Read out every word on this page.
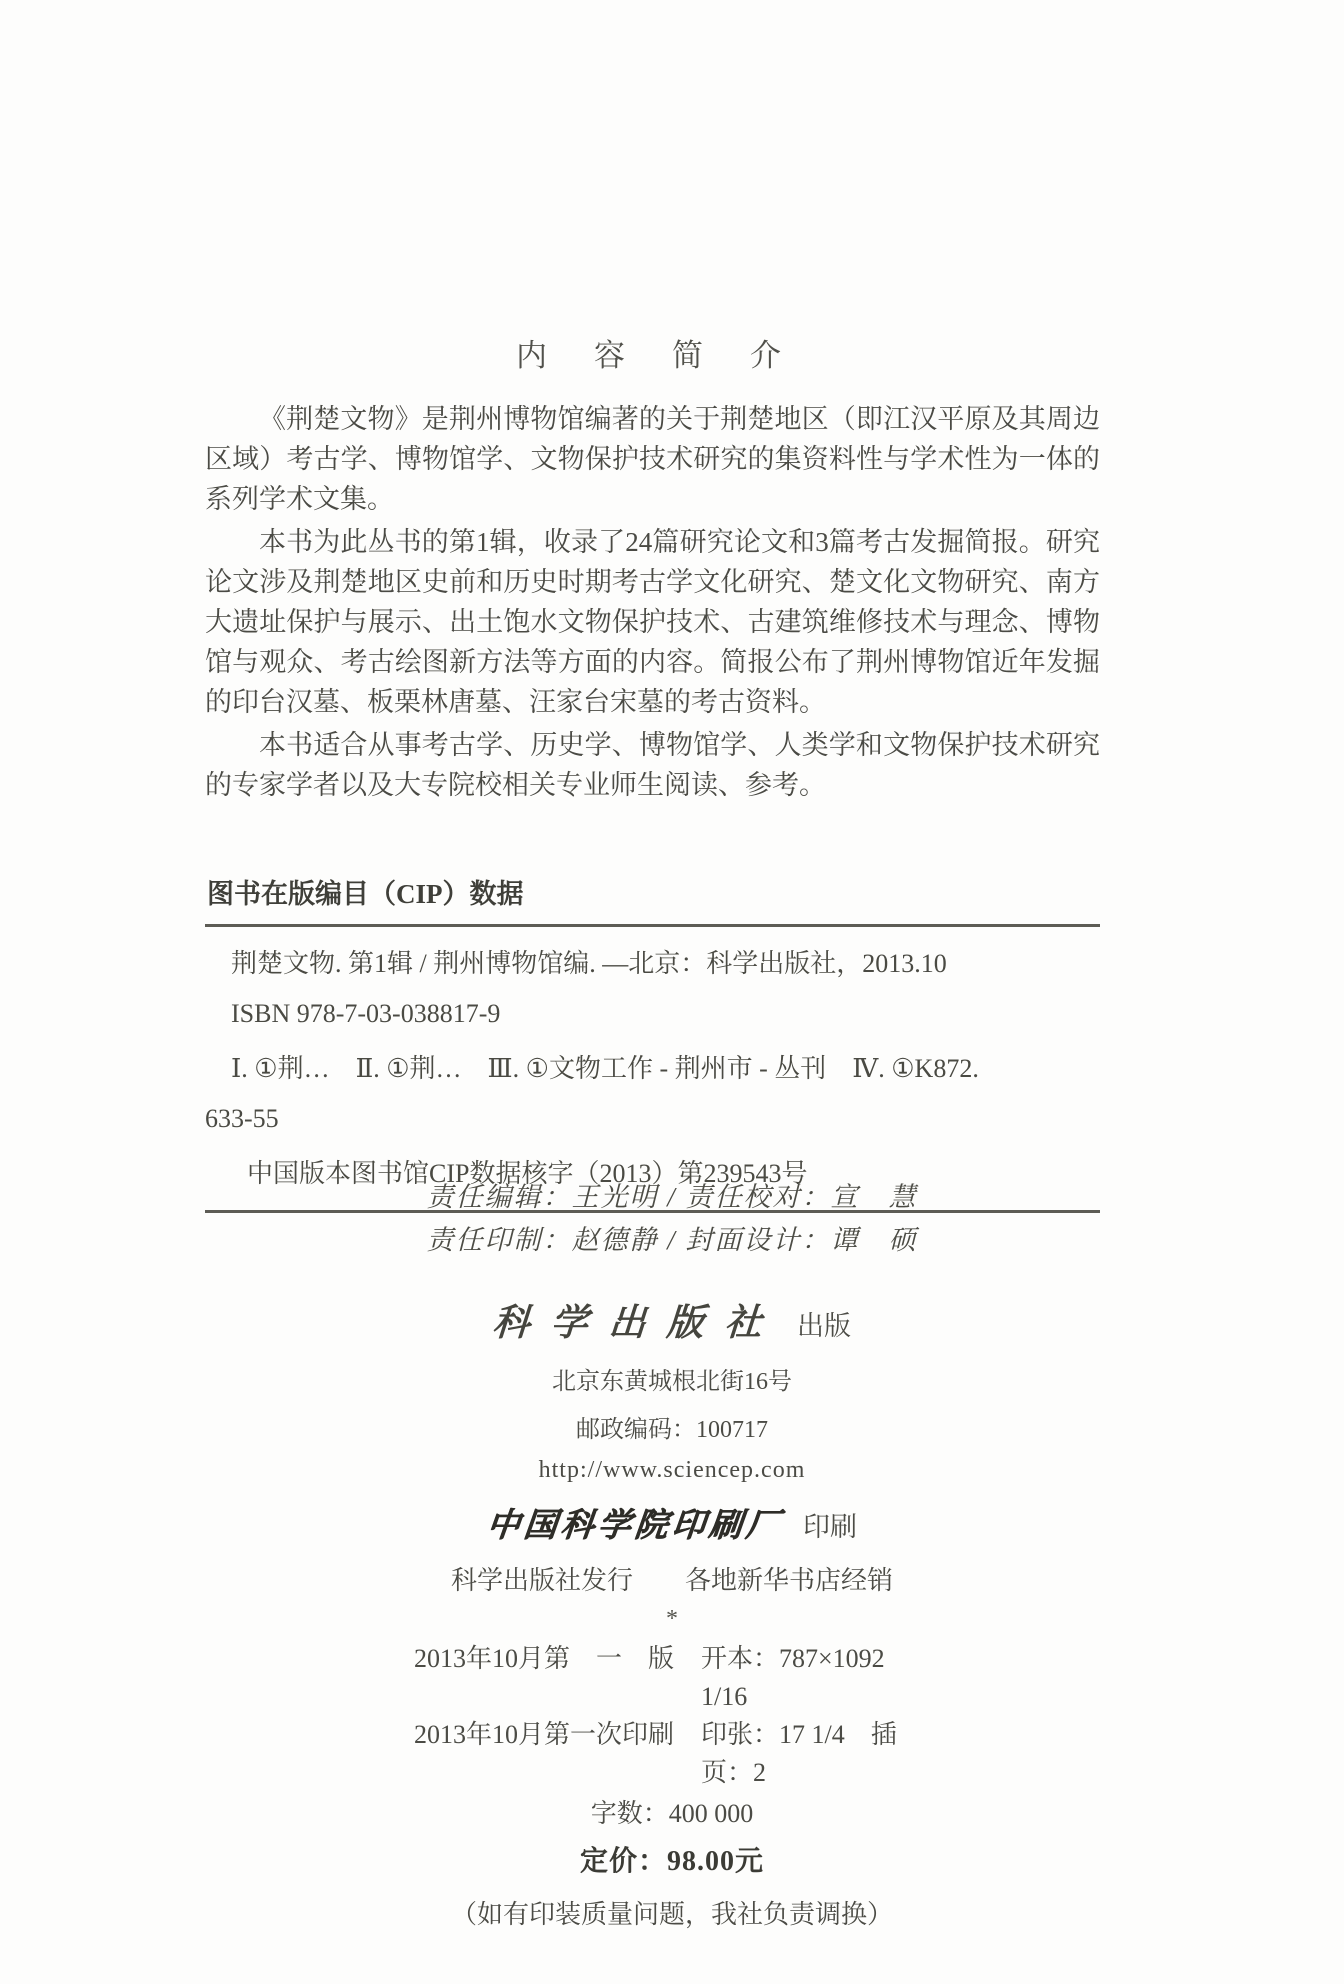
内　容　简　介

《荆楚文物》是荆州博物馆编著的关于荆楚地区（即江汉平原及其周边区域）考古学、博物馆学、文物保护技术研究的集资料性与学术性为一体的系列学术文集。

本书为此丛书的第1辑，收录了24篇研究论文和3篇考古发掘简报。研究论文涉及荆楚地区史前和历史时期考古学文化研究、楚文化文物研究、南方大遗址保护与展示、出土饱水文物保护技术、古建筑维修技术与理念、博物馆与观众、考古绘图新方法等方面的内容。简报公布了荆州博物馆近年发掘的印台汉墓、板栗林唐墓、汪家台宋墓的考古资料。

本书适合从事考古学、历史学、博物馆学、人类学和文物保护技术研究的专家学者以及大专院校相关专业师生阅读、参考。

图书在版编目（CIP）数据
荆楚文物. 第1辑 / 荆州博物馆编. —北京：科学出版社，2013.10
ISBN 978-7-03-038817-9
Ⅰ. ①荆…　Ⅱ. ①荆…　Ⅲ. ①文物工作 - 荆州市 - 丛刊　Ⅳ. ①K872.
633-55
中国版本图书馆CIP数据核字（2013）第239543号
责任编辑：王光明 / 责任校对：宣　慧
责任印制：赵德静 / 封面设计：谭　硕
科学出版社 出版
北京东黄城根北街16号
邮政编码：100717
http://www.sciencep.com
中国科学院印刷厂 印刷
科学出版社发行　　各地新华书店经销
*
2013年10月第　一　版	开本：787×1092　1/16
2013年10月第一次印刷	印张：17 1/4　插页：2
字数：400 000
定价：98.00元
（如有印装质量问题，我社负责调换）
